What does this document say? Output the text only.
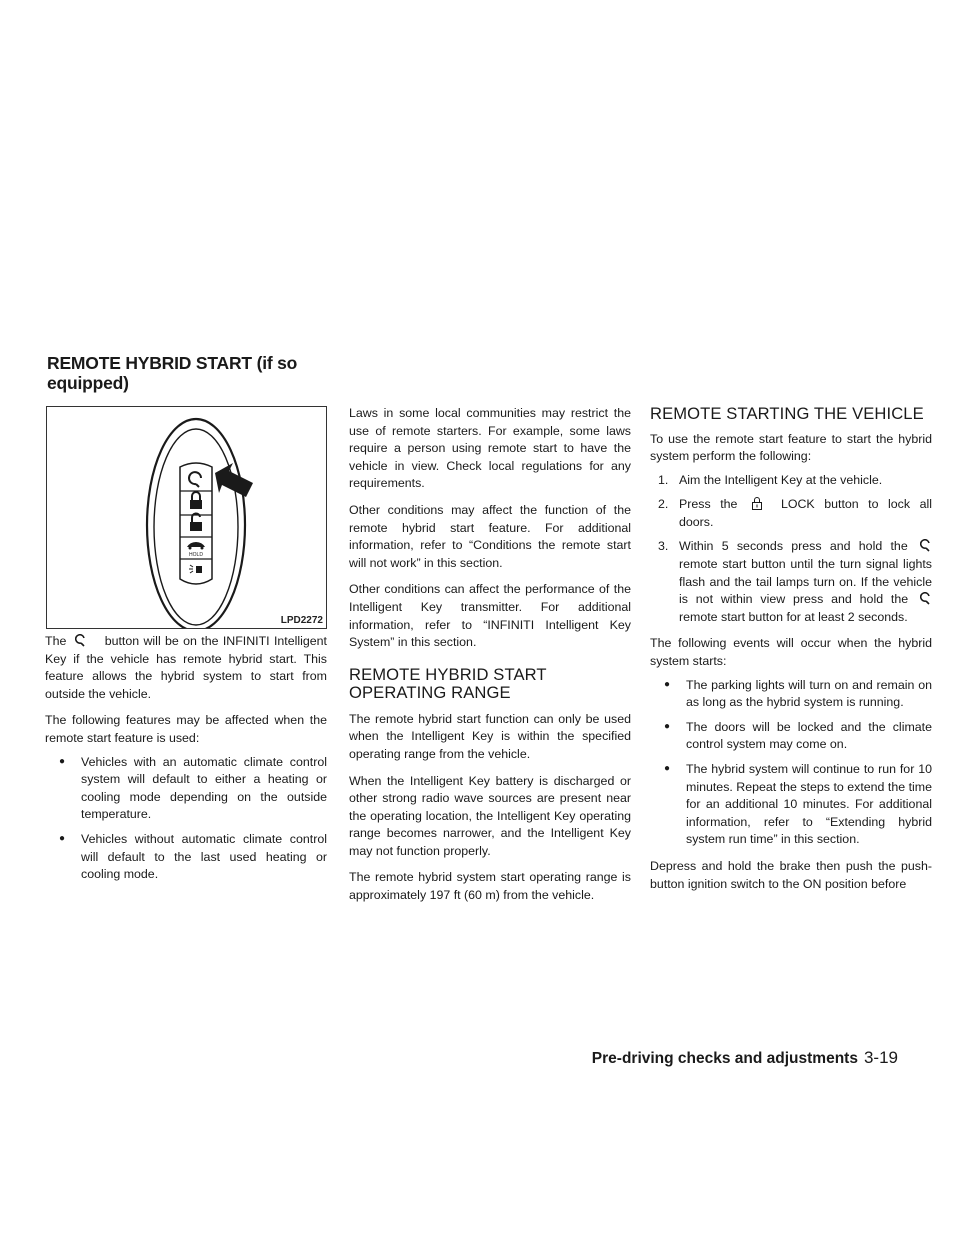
REMOTE HYBRID START (if so equipped)
HOLD
LPD2272

The	button will be on the INFINITI Intelligent Key if the vehicle has remote hybrid start. This feature allows the hybrid system to start from outside the vehicle.

The following features may be affected when the remote start feature is used:

● Vehicles with an automatic climate control system will default to either a heating or cooling mode depending on the outside temperature.
● Vehicles without automatic climate control will default to the last used heating or cooling mode.

Laws in some local communities may restrict the use of remote starters. For example, some laws require a person using remote start to have the vehicle in view. Check local regulations for any requirements.

Other conditions may affect the function of the remote hybrid start feature. For additional information, refer to “Conditions the remote start will not work” in this section.

Other conditions can affect the performance of the Intelligent Key transmitter. For additional information, refer to “INFINITI Intelligent Key System” in this section.

REMOTE HYBRID START OPERATING RANGE

The remote hybrid start function can only be used when the Intelligent Key is within the specified operating range from the vehicle.

When the Intelligent Key battery is discharged or other strong radio wave sources are present near the operating location, the Intelligent Key operating range becomes narrower, and the Intelligent Key may not function properly.

The remote hybrid system start operating range is approximately 197 ft (60 m) from the vehicle.

REMOTE STARTING THE VEHICLE

To use the remote start feature to start the hybrid system perform the following:

1. Aim the Intelligent Key at the vehicle.
2. Press the	LOCK button to lock all doors.
3. Within 5 seconds press and hold the  remote start button until the turn signal lights flash and the tail lamps turn on. If the vehicle is not within view press and hold the  remote start button for at least 2 seconds.

The following events will occur when the hybrid system starts:

● The parking lights will turn on and remain on as long as the hybrid system is running.
● The doors will be locked and the climate control system may come on.
● The hybrid system will continue to run for 10 minutes. Repeat the steps to extend the time for an additional 10 minutes. For additional information, refer to “Extending hybrid system run time” in this section.

Depress and hold the brake then push the push-button ignition switch to the ON position before

Pre-driving checks and adjustments 3-19
